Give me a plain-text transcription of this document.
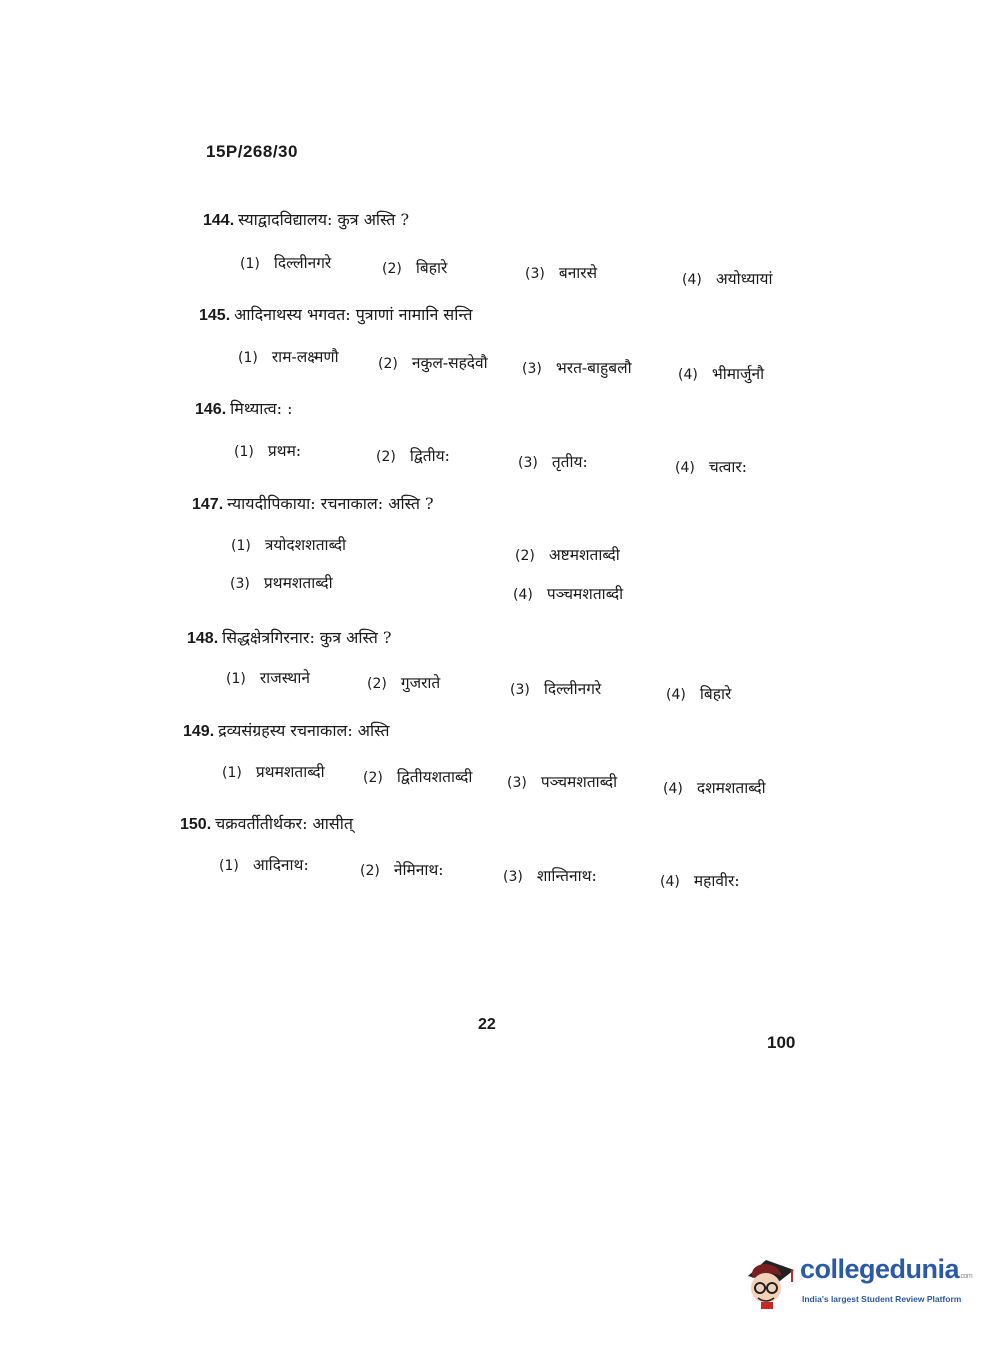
15P/268/30
144. स्याद्वादविद्यालय: कुत्र अस्ति ?
(1) दिल्लीनगरे	(2) बिहारे	(3) बनारसे	(4) अयोध्यायां
145. आदिनाथस्य भगवत: पुत्राणां नामानि सन्ति
(1) राम-लक्ष्मणौ	(2) नकुल-सहदेवौ (3) भरत-बाहुबलौ	(4) भीमार्जुनौ
146. मिथ्यात्व: :
(1) प्रथम:	(2) द्वितीय:	(3) तृतीय:	(4) चत्वार:
147. न्यायदीपिकाया: रचनाकाल: अस्ति ?
(1) त्रयोदशशताब्दी
(2) अष्टमशताब्दी
(3) प्रथमशताब्दी
(4) पञ्चमशताब्दी
148. सिद्धक्षेत्रगिरनार: कुत्र अस्ति ?
(1) राजस्थाने	(2) गुजराते	(3) दिल्लीनगरे	(4) बिहारे
149. द्रव्यसंग्रहस्य रचनाकाल: अस्ति
(1) प्रथमशताब्दी	(2) द्वितीयशताब्दी (3) पञ्चमशताब्दी	(4) दशमशताब्दी
150. चक्रवर्तीतीर्थकर: आसीत्
(1) आदिनाथ:	(2) नेमिनाथ:	(3) शान्तिनाथ:	(4) महावीर:
22
100
collegedunia.com
India's largest Student Review Platform
